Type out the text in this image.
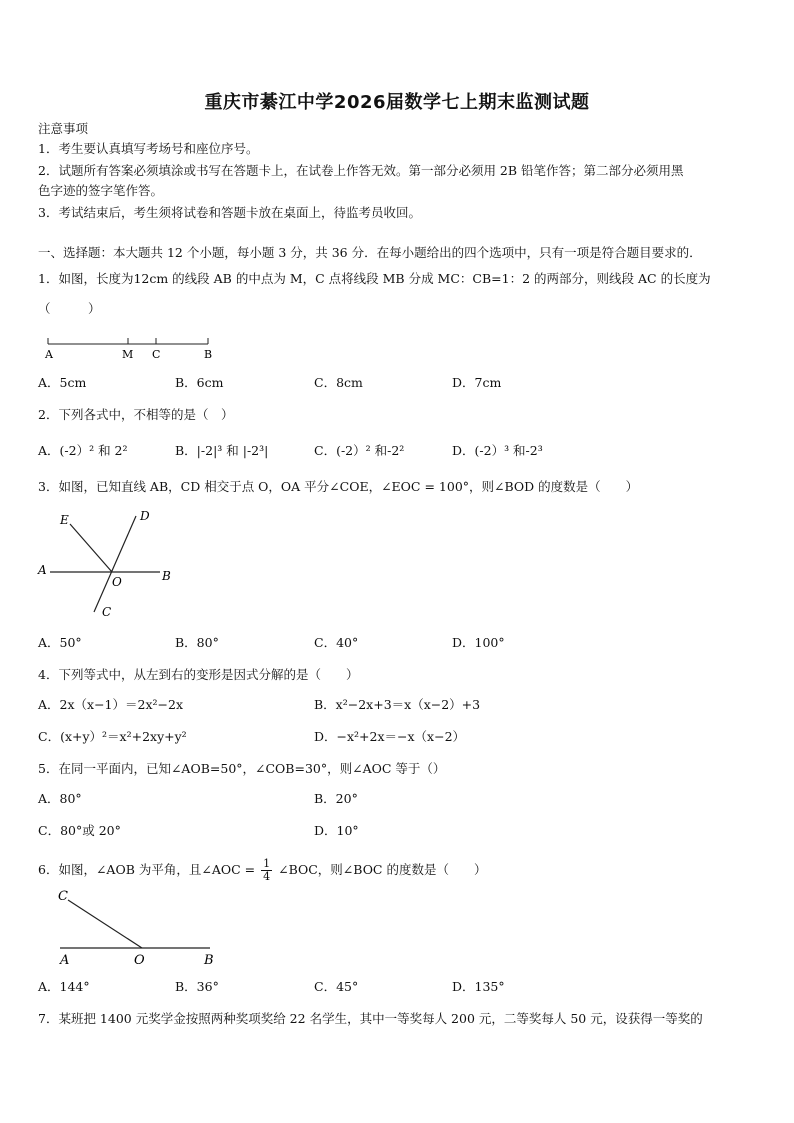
重庆市綦江中学2026届数学七上期末监测试题
注意事项
1．考生要认真填写考场号和座位序号。
2．试题所有答案必须填涂或书写在答题卡上，在试卷上作答无效。第一部分必须用 2B 铅笔作答；第二部分必须用黑
色字迹的签字笔作答。
3．考试结束后，考生须将试卷和答题卡放在桌面上，待监考员收回。
一、选择题：本大题共 12 个小题，每小题 3 分，共 36 分．在每小题给出的四个选项中，只有一项是符合题目要求的．
1．如图，长度为12cm 的线段 AB 的中点为 M，C 点将线段 MB 分成 MC：CB=1：2 的两部分，则线段 AC 的长度为
（　　　）
A	M C	B
A．5cm	B．6cm	C．8cm	D．7cm
2．下列各式中，不相等的是（　）
A．(-2）² 和 2²	B．|-2|³ 和 |-2³|	C．(-2）² 和-2²	D．(-2）³ 和-2³
3．如图，已知直线 AB，CD 相交于点 O，OA 平分∠COE，∠EOC = 100°，则∠BOD 的度数是（　　）
E	D
A
O	B
C
A．50°	B．80°	C．40°	D．100°
4．下列等式中，从左到右的变形是因式分解的是（　　）
A．2x（x−1）＝2x²−2x	B．x²−2x+3＝x（x−2）+3
C．(x+y）²＝x²+2xy+y²	D．−x²+2x＝−x（x−2）
5．在同一平面内，已知∠AOB=50°，∠COB=30°，则∠AOC 等于（）
A．80°	B．20°
C．80°或 20°	D．10°
6．如图，∠AOB 为平角，且∠AOC = $\frac{1}{4}$ ∠BOC，则∠BOC 的度数是（　　）
C
A	O	B
A．144°	B．36°	C．45°	D．135°
7．某班把 1400 元奖学金按照两种奖项奖给 22 名学生，其中一等奖每人 200 元，二等奖每人 50 元，设获得一等奖的
